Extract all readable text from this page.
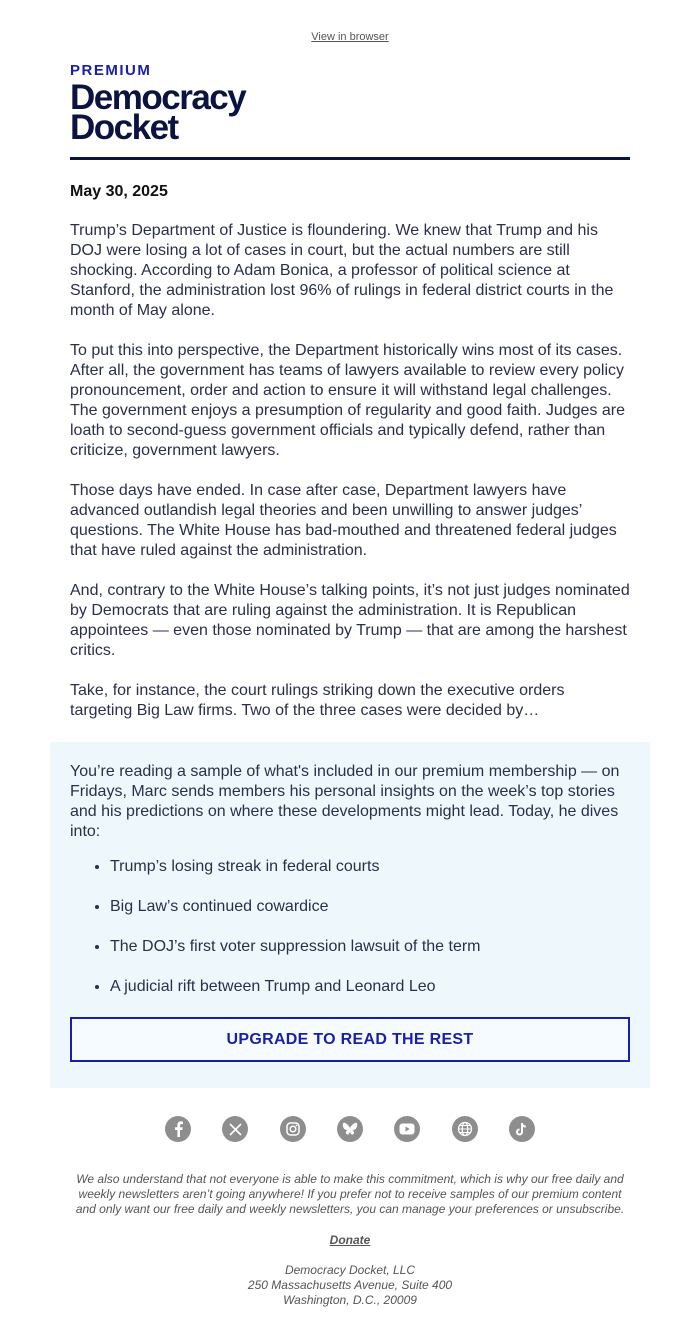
View in browser
PREMIUM
Democracy
Docket
May 30, 2025

Trump’s Department of Justice is floundering. We knew that Trump and his DOJ were losing a lot of cases in court, but the actual numbers are still shocking. According to Adam Bonica, a professor of political science at Stanford, the administration lost 96% of rulings in federal district courts in the month of May alone.

To put this into perspective, the Department historically wins most of its cases. After all, the government has teams of lawyers available to review every policy pronouncement, order and action to ensure it will withstand legal challenges. The government enjoys a presumption of regularity and good faith. Judges are loath to second-guess government officials and typically defend, rather than criticize, government lawyers.

Those days have ended. In case after case, Department lawyers have advanced outlandish legal theories and been unwilling to answer judges’ questions. The White House has bad-mouthed and threatened federal judges that have ruled against the administration.

And, contrary to the White House’s talking points, it’s not just judges nominated by Democrats that are ruling against the administration. It is Republican appointees — even those nominated by Trump — that are among the harshest critics.

Take, for instance, the court rulings striking down the executive orders targeting Big Law firms. Two of the three cases were decided by…

You’re reading a sample of what's included in our premium membership — on Fridays, Marc sends members his personal insights on the week’s top stories and his predictions on where these developments might lead. Today, he dives into:

• Trump’s losing streak in federal courts
• Big Law’s continued cowardice
• The DOJ’s first voter suppression lawsuit of the term
• A judicial rift between Trump and Leonard Leo
UPGRADE TO READ THE REST
We also understand that not everyone is able to make this commitment, which is why our free daily and weekly newsletters aren’t going anywhere! If you prefer not to receive samples of our premium content and only want our free daily and weekly newsletters, you can manage your preferences or unsubscribe.
Donate
Democracy Docket, LLC
250 Massachusetts Avenue, Suite 400
Washington, D.C., 20009
